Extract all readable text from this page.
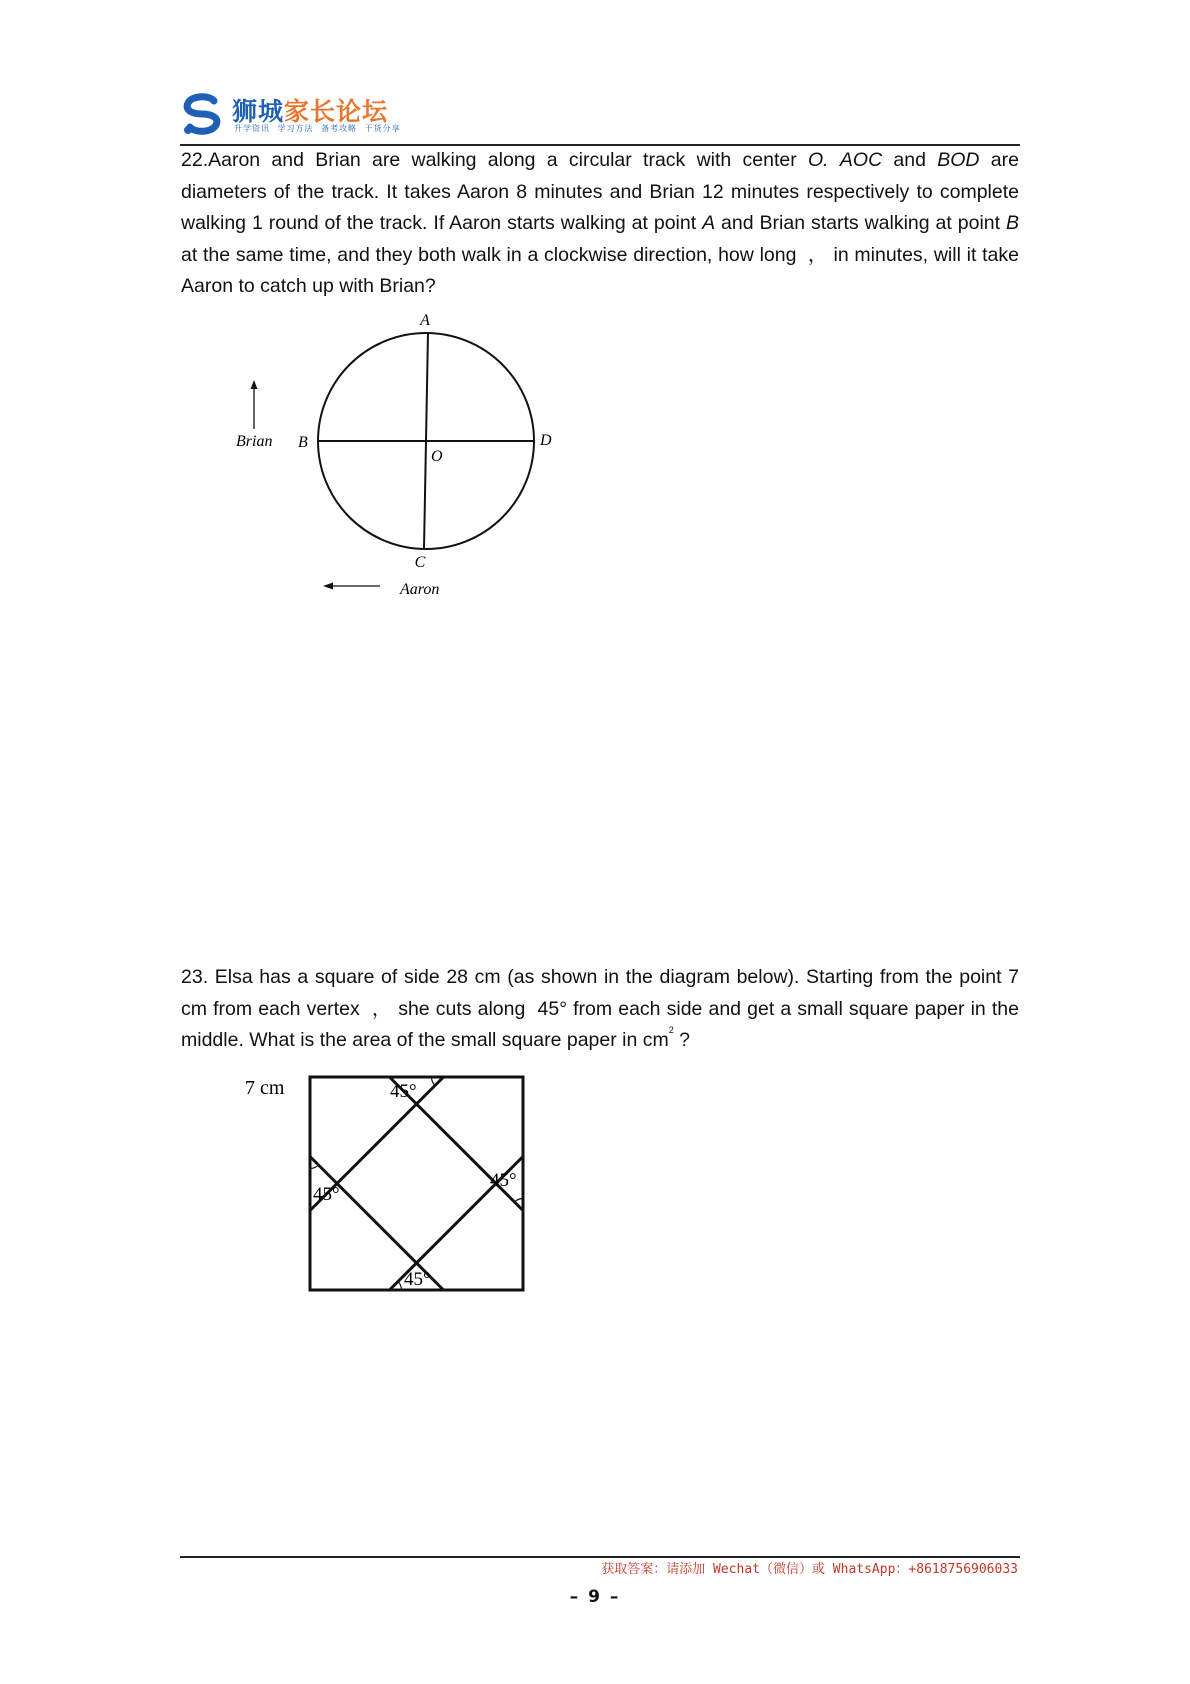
狮城家长论坛
升学资讯 学习方法 备考攻略 干货分享

22.Aaron and Brian are walking along a circular track with center O. AOC and BOD are diameters of the track. It takes Aaron 8 minutes and Brian 12 minutes respectively to complete walking 1 round of the track. If Aaron starts walking at point A and Brian starts walking at point B at the same time, and they both walk in a clockwise direction, how long  ， in minutes, will it take Aaron to catch up with Brian?

A
B
C
D
O
Brian
Aaron

23. Elsa has a square of side 28 cm (as shown in the diagram below). Starting from the point 7 cm from each vertex  ， she cuts along  45° from each side and get a small square paper in the middle. What is the area of the small square paper in $cm^2$ ?

7 cm	45°
45°
45°
45°
获取答案：请添加 Wechat（微信）或 WhatsApp：+8618756906033
– 9 –
